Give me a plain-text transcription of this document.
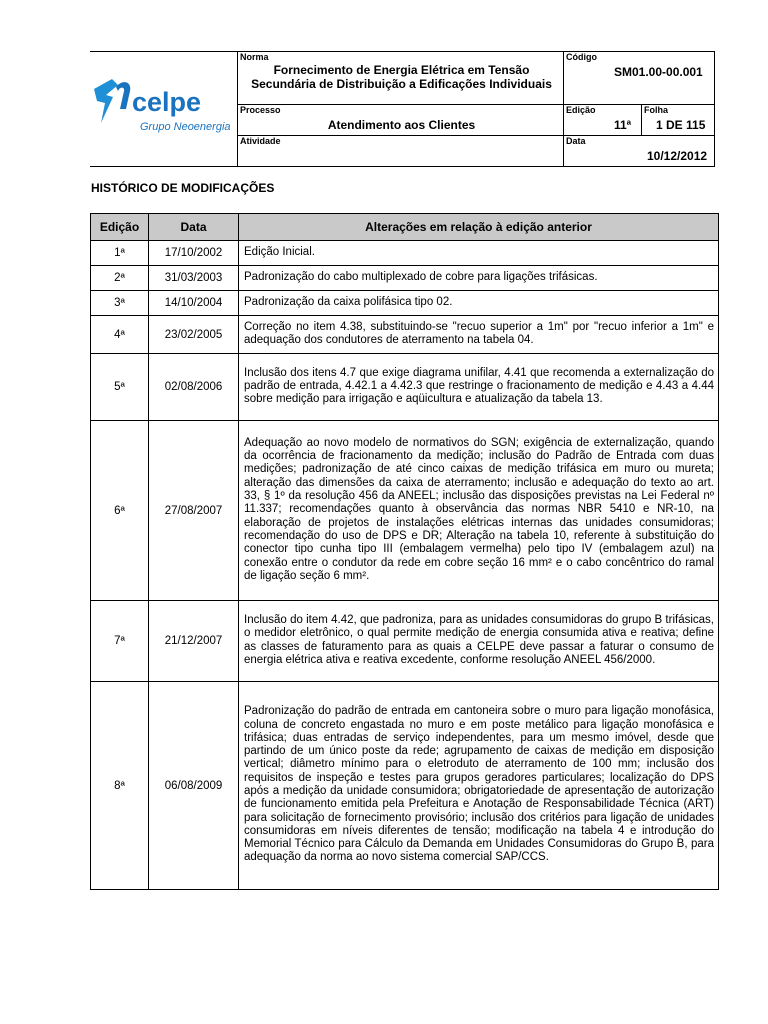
celpe
Grupo Neoenergia
Norma
Fornecimento de Energia Elétrica em Tensão Secundária de Distribuição a Edificações Individuais
Código
SM01.00-00.001
Processo
Atendimento aos Clientes
Edição
11ª
Folha
1 DE 115
Atividade	Data
10/12/2012
HISTÓRICO DE MODIFICAÇÕES
Edição	Data	Alterações em relação à edição anterior
1ª	17/10/2002	Edição Inicial.
2ª	31/03/2003	Padronização do cabo multiplexado de cobre para ligações trifásicas.
3ª	14/10/2004	Padronização da caixa polifásica tipo 02.
4ª	23/02/2005	Correção no item 4.38, substituindo-se "recuo superior a 1m" por "recuo inferior a 1m" e adequação dos condutores de aterramento na tabela 04.
5ª	02/08/2006	Inclusão dos itens 4.7 que exige diagrama unifilar, 4.41 que recomenda a externalização do padrão de entrada, 4.42.1 a 4.42.3 que restringe o fracionamento de medição e 4.43 a 4.44 sobre medição para irrigação e aqüicultura e atualização da tabela 13.
6ª	27/08/2007	Adequação ao novo modelo de normativos do SGN; exigência de externalização, quando da ocorrência de fracionamento da medição; inclusão do Padrão de Entrada com duas medições; padronização de até cinco caixas de medição trifásica em muro ou mureta; alteração das dimensões da caixa de aterramento; inclusão e adequação do texto ao art. 33, § 1º da resolução 456 da ANEEL; inclusão das disposições previstas na Lei Federal nº 11.337; recomendações quanto à observância das normas NBR 5410 e NR-10, na elaboração de projetos de instalações elétricas internas das unidades consumidoras; recomendação do uso de DPS e DR; Alteração na tabela 10, referente à substituição do conector tipo cunha tipo III (embalagem vermelha) pelo tipo IV (embalagem azul) na conexão entre o condutor da rede em cobre seção 16 mm² e o cabo concêntrico do ramal de ligação seção 6 mm².
7ª	21/12/2007	Inclusão do item 4.42, que padroniza, para as unidades consumidoras do grupo B trifásicas, o medidor eletrônico, o qual permite medição de energia consumida ativa e reativa; define as classes de faturamento para as quais a CELPE deve passar a faturar o consumo de energia elétrica ativa e reativa excedente, conforme resolução ANEEL 456/2000.
8ª	06/08/2009	Padronização do padrão de entrada em cantoneira sobre o muro para ligação monofásica, coluna de concreto engastada no muro e em poste metálico para ligação monofásica e trifásica; duas entradas de serviço independentes, para um mesmo imóvel, desde que partindo de um único poste da rede; agrupamento de caixas de medição em disposição vertical; diâmetro mínimo para o eletroduto de aterramento de 100 mm; inclusão dos requisitos de inspeção e testes para grupos geradores particulares; localização do DPS após a medição da unidade consumidora; obrigatoriedade de apresentação de autorização de funcionamento emitida pela Prefeitura e Anotação de Responsabilidade Técnica (ART) para solicitação de fornecimento provisório; inclusão dos critérios para ligação de unidades consumidoras em níveis diferentes de tensão; modificação na tabela 4 e introdução do Memorial Técnico para Cálculo da Demanda em Unidades Consumidoras do Grupo B, para adequação da norma ao novo sistema comercial SAP/CCS.
